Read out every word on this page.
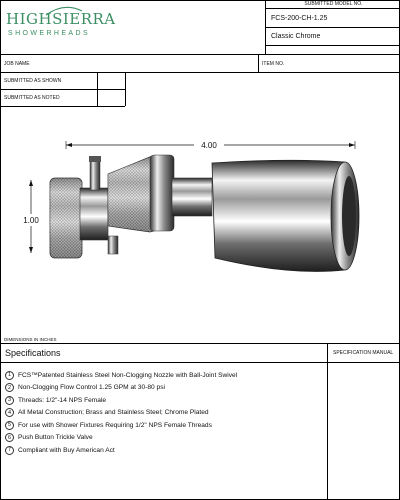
HIGHSIERRA
SHOWERHEADS
SUBMITTED MODEL NO.
FCS-200-CH-1.25
Classic Chrome
JOB NAME	ITEM NO.
SUBMITTED AS SHOWN
SUBMITTED AS NOTED
4.00
1.00
DIMENSIONS IN INCHES
Specifications	SPECIFICATION MANUAL
1	FCS™Patented Stainless Steel Non-Clogging Nozzle with Ball-Joint Swivel
2	Non-Clogging Flow Control 1.25 GPM at 30-80 psi
3	Threads: 1/2"-14 NPS Female
4	All Metal Construction; Brass and Stainless Steel; Chrome Plated
5	For use with Shower Fixtures Requiring 1/2" NPS Female Threads
6	Push Button Trickle Valve
7	Compliant with Buy American Act
